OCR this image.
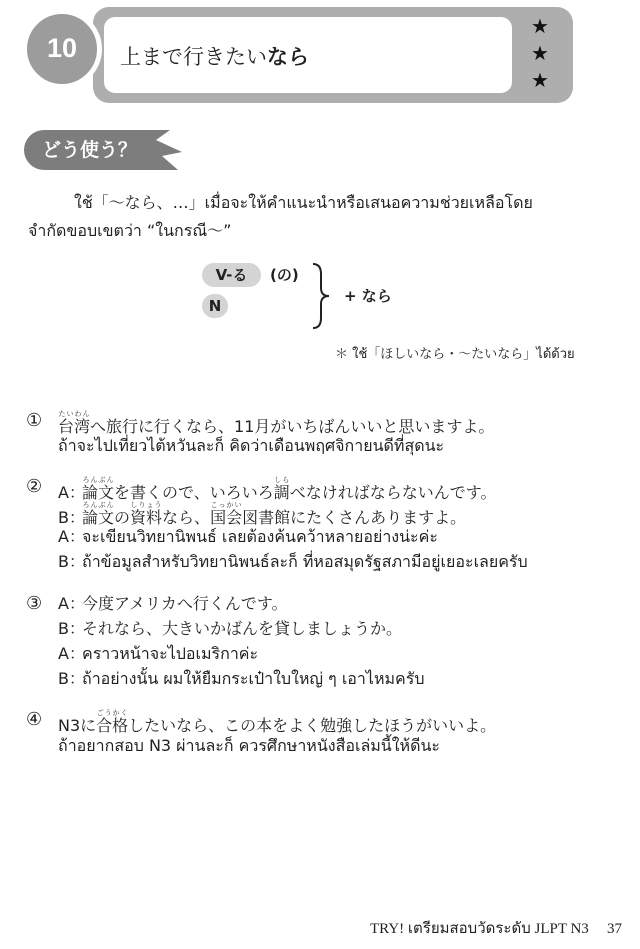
上まで行きたいなら
10
★
★
★
どう使う？
ใช้「〜なら、…」เมื่อจะให้คำแนะนำหรือเสนอความช่วยเหลือโดย
จำกัดขอบเขตว่า “ในกรณี〜”
V-る	(の)
N
+ なら
＊ ใช้「ほしいなら・〜たいなら」ได้ด้วย
① 台湾たいわんへ旅行に行くなら、11月がいちばんいいと思いますよ。
ถ้าจะไปเที่ยวไต้หวันละก็ คิดว่าเดือนพฤศจิกายนดีที่สุดนะ
② A：論文ろんぶんを書くので、いろいろ調しらべなければならないんです。
B：論文ろんぶんの資料しりょうなら、国会こっかい図書館にたくさんありますよ。
A：จะเขียนวิทยานิพนธ์ เลยต้องค้นคว้าหลายอย่างน่ะค่ะ
B：ถ้าข้อมูลสำหรับวิทยานิพนธ์ละก็ ที่หอสมุดรัฐสภามีอยู่เยอะเลยครับ
③ A：今度アメリカへ行くんです。
B：それなら、大きいかばんを貸しましょうか。
A：คราวหน้าจะไปอเมริกาค่ะ
B：ถ้าอย่างนั้น ผมให้ยืมกระเป๋าใบใหญ่ ๆ เอาไหมครับ
④ N3に合格ごうかくしたいなら、この本をよく勉強したほうがいいよ。
ถ้าอยากสอบ N3 ผ่านละก็ ควรศึกษาหนังสือเล่มนี้ให้ดีนะ
TRY! เตรียมสอบวัดระดับ JLPT N3 37
